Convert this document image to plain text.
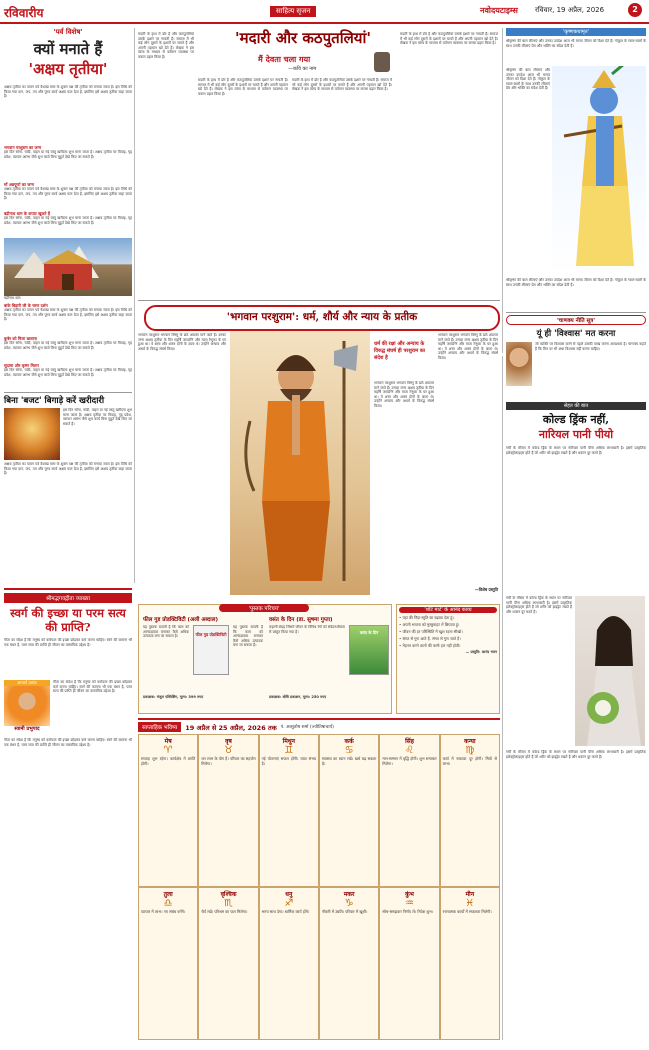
रविवारीय	साहित्य सृजन	नवोदयटाइम्स रविवार, 19 अप्रैल, 2026	2
'पर्व विशेष'
क्यों मनाते हैं
'अक्षय तृतीया'
अक्षय तृतीया का पावन पर्व वैशाख मास के शुक्ल पक्ष की तृतीया को मनाया जाता है। इस तिथि को किया गया दान, जप, तप और पुण्य कार्य अक्षय फल देता है, इसलिए इसे अक्षय तृतीया कहा जाता है।
भगवान परशुराम का जन्म
इस दिन सोना, चांदी, वाहन या नई वस्तु खरीदना शुभ माना जाता है। अक्षय तृतीया पर विवाह, गृह प्रवेश, व्यापार आरंभ जैसे शुभ कार्य बिना मुहूर्त देखे किए जा सकते हैं।
माँ अन्नपूर्णा का जन्म
अक्षय तृतीया का पावन पर्व वैशाख मास के शुक्ल पक्ष की तृतीया को मनाया जाता है। इस तिथि को किया गया दान, जप, तप और पुण्य कार्य अक्षय फल देता है, इसलिए इसे अक्षय तृतीया कहा जाता है।
बद्रीनाथ धाम के कपाट खुलते हैं
इस दिन सोना, चांदी, वाहन या नई वस्तु खरीदना शुभ माना जाता है। अक्षय तृतीया पर विवाह, गृह प्रवेश, व्यापार आरंभ जैसे शुभ कार्य बिना मुहूर्त देखे किए जा सकते हैं।
बद्रीनाथ धाम
बांके बिहारी जी के चरण दर्शन
अक्षय तृतीया का पावन पर्व वैशाख मास के शुक्ल पक्ष की तृतीया को मनाया जाता है। इस तिथि को किया गया दान, जप, तप और पुण्य कार्य अक्षय फल देता है, इसलिए इसे अक्षय तृतीया कहा जाता है।
कुबेर को मिला खजाना
इस दिन सोना, चांदी, वाहन या नई वस्तु खरीदना शुभ माना जाता है। अक्षय तृतीया पर विवाह, गृह प्रवेश, व्यापार आरंभ जैसे शुभ कार्य बिना मुहूर्त देखे किए जा सकते हैं।
सुदामा और कृष्ण मिलन
इस दिन सोना, चांदी, वाहन या नई वस्तु खरीदना शुभ माना जाता है। अक्षय तृतीया पर विवाह, गृह प्रवेश, व्यापार आरंभ जैसे शुभ कार्य बिना मुहूर्त देखे किए जा सकते हैं।
बिना 'बजट' बिगाड़े करें खरीदारी
इस दिन सोना, चांदी, वाहन या नई वस्तु खरीदना शुभ माना जाता है। अक्षय तृतीया पर विवाह, गृह प्रवेश, व्यापार आरंभ जैसे शुभ कार्य बिना मुहूर्त देखे किए जा सकते हैं।
अक्षय तृतीया का पावन पर्व वैशाख मास के शुक्ल पक्ष की तृतीया को मनाया जाता है। इस तिथि को किया गया दान, जप, तप और पुण्य कार्य अक्षय फल देता है, इसलिए इसे अक्षय तृतीया कहा जाता है।
श्रीमद्भगवद्गीता व्याख्या
स्वर्ग की इच्छा या परम सत्य की प्राप्ति?
गीता का संदेश है कि मनुष्य को कर्मफल की इच्छा छोड़कर कर्म करना चाहिए। स्वर्ग की कामना भी एक बंधन है, परम सत्य की प्राप्ति ही जीवन का वास्तविक उद्देश्य है।
आचार्य प्रशांत
स्वामी प्रभुपाद
गीता का संदेश है कि मनुष्य को कर्मफल की इच्छा छोड़कर कर्म करना चाहिए। स्वर्ग की कामना भी एक बंधन है, परम सत्य की प्राप्ति ही जीवन का वास्तविक उद्देश्य है।
गीता का संदेश है कि मनुष्य को कर्मफल की इच्छा छोड़कर कर्म करना चाहिए। स्वर्ग की कामना भी एक बंधन है, परम सत्य की प्राप्ति ही जीवन का वास्तविक उद्देश्य है।
'मदारी और कठपुतलियां'
मैं देवता चला गया
—कवि का नाम
मदारी के हाथ में डोर है और कठपुतलियां उसके इशारे पर नाचती हैं। समाज में भी कई लोग दूसरों के इशारों पर चलते हैं और अपनी पहचान खो देते हैं। लेखक ने इस व्यंग्य के माध्यम से वर्तमान व्यवस्था पर करारा प्रहार किया है।
मदारी के हाथ में डोर है और कठपुतलियां उसके इशारे पर नाचती हैं। समाज में भी कई लोग दूसरों के इशारों पर चलते हैं और अपनी पहचान खो देते हैं। लेखक ने इस व्यंग्य के माध्यम से वर्तमान व्यवस्था पर करारा प्रहार किया है।
मदारी के हाथ में डोर है और कठपुतलियां उसके इशारे पर नाचती हैं। समाज में भी कई लोग दूसरों के इशारों पर चलते हैं और अपनी पहचान खो देते हैं। लेखक ने इस व्यंग्य के माध्यम से वर्तमान व्यवस्था पर करारा प्रहार किया है।
मदारी के हाथ में डोर है और कठपुतलियां उसके इशारे पर नाचती हैं। समाज में भी कई लोग दूसरों के इशारों पर चलते हैं और अपनी पहचान खो देते हैं। लेखक ने इस व्यंग्य के माध्यम से वर्तमान व्यवस्था पर करारा प्रहार किया है।
'भगवान परशुराम': धर्म, शौर्य और न्याय के प्रतीक
भगवान परशुराम भगवान विष्णु के छठे अवतार माने जाते हैं। उनका जन्म अक्षय तृतीया के दिन महर्षि जमदग्नि और माता रेणुका के घर हुआ था। वे शस्त्र और शास्त्र दोनों के ज्ञाता थे। उन्होंने अन्याय और अधर्म के विरुद्ध संघर्ष किया।
धर्म की रक्षा और अन्याय के विरुद्ध संघर्ष ही परशुराम का संदेश है
भगवान परशुराम भगवान विष्णु के छठे अवतार माने जाते हैं। उनका जन्म अक्षय तृतीया के दिन महर्षि जमदग्नि और माता रेणुका के घर हुआ था। वे शस्त्र और शास्त्र दोनों के ज्ञाता थे। उन्होंने अन्याय और अधर्म के विरुद्ध संघर्ष किया।
भगवान परशुराम भगवान विष्णु के छठे अवतार माने जाते हैं। उनका जन्म अक्षय तृतीया के दिन महर्षि जमदग्नि और माता रेणुका के घर हुआ था। वे शस्त्र और शास्त्र दोनों के ज्ञाता थे। उन्होंने अन्याय और अधर्म के विरुद्ध संघर्ष किया।
—विशेष प्रस्तुति
'कृष्णकथामृत'
श्रीकृष्ण की बाल लीलाएं और उनका उपदेश आज भी मानव जीवन को दिशा देते हैं। गोकुल के ग्वाल-बालों के साथ उनकी लीलाएं प्रेम और भक्ति का संदेश देती हैं।
श्रीकृष्ण की बाल लीलाएं और उनका उपदेश आज भी मानव जीवन को दिशा देते हैं। गोकुल के ग्वाल-बालों के साथ उनकी लीलाएं प्रेम और भक्ति का संदेश देती हैं।
श्रीकृष्ण की बाल लीलाएं और उनका उपदेश आज भी मानव जीवन को दिशा देते हैं। गोकुल के ग्वाल-बालों के साथ उनकी लीलाएं प्रेम और भक्ति का संदेश देती हैं।
'चाणक्य नीति सूत्र'
यूं ही 'विश्वास' मत करना
जो व्यक्ति पर विश्वास करने से पहले उसकी परख करना आवश्यक है। चाणक्य कहते हैं कि मित्र पर भी अंधा विश्वास नहीं करना चाहिए।
सेहत की बात
कोल्ड ड्रिंक नहीं,
नारियल पानी पीयो
गर्मी के मौसम में कोल्ड ड्रिंक के स्थान पर नारियल पानी पीना अधिक लाभकारी है। इसमें प्राकृतिक इलेक्ट्रोलाइट्स होते हैं जो शरीर को हाइड्रेट रखते हैं और थकान दूर करते हैं।
गर्मी के मौसम में कोल्ड ड्रिंक के स्थान पर नारियल पानी पीना अधिक लाभकारी है। इसमें प्राकृतिक इलेक्ट्रोलाइट्स होते हैं जो शरीर को हाइड्रेट रखते हैं और थकान दूर करते हैं।
गर्मी के मौसम में कोल्ड ड्रिंक के स्थान पर नारियल पानी पीना अधिक लाभकारी है। इसमें प्राकृतिक इलेक्ट्रोलाइट्स होते हैं जो शरीर को हाइड्रेट रखते हैं और थकान दूर करते हैं।
'पुस्तक परिचय'
फील गुड प्रोडक्टिविटी (अली अब्दाल)
यह पुस्तक बताती है कि काम को आनंददायक बनाकर कैसे अधिक उत्पादक बना जा सकता है।	फील गुड प्रोडक्टिविटी
यह पुस्तक बताती है कि काम को आनंददायक बनाकर कैसे अधिक उत्पादक बना जा सकता है।
प्रकाशक: मंजुल पब्लिशिंग, मूल्य: 399 रुपए
वसंत के दिन (डा. सुषमा गुप्ता)
कहानी संग्रह जिसमें जीवन के विविध रंगों को संवेदनशीलता से प्रस्तुत किया गया है।	वसंत के दिन
प्रकाशक: बोधि प्रकाशन, मूल्य: 250 रुपए
'शॉर्ट मार्ट' के आनंद काव्य
• यहां की निंदा-स्तुति का बढ़ावा देता हूं।
• अपनी भावना को मुस्कुराहट में छिपाता हूं।
• जीवन की हर परिस्थिति में खुश रहना सीखो।
• संगत से गुण आते हैं, संगत से गुण जाते हैं।
• मेहनत करने वालों की कभी हार नहीं होती।
— प्रस्तुति: आनंद भवन
साप्ताहिक भविष्य	19 अप्रैल से 25 अप्रैल, 2026 तक पं. आशुतोष शर्मा (ज्योतिषाचार्य)
मेष
♈
सप्ताह शुभ रहेगा। कार्यक्षेत्र में प्रगति होगी।
वृष
♉
धन लाभ के योग हैं। परिवार का सहयोग मिलेगा।
मिथुन
♊
नई योजनाएं सफल होंगी। यात्रा संभव है।
कर्क
♋
स्वास्थ्य का ध्यान रखें। खर्च बढ़ सकता है।
सिंह
♌
मान-सम्मान में वृद्धि होगी। शुभ समाचार मिलेगा।
कन्या
♍
कार्य में रुकावट दूर होगी। मित्रों से लाभ।
तुला
♎
व्यापार में लाभ। नए संबंध बनेंगे।
वृश्चिक
♏
धैर्य रखें। परिश्रम का फल मिलेगा।
धनु
♐
भाग्य साथ देगा। धार्मिक कार्य होंगे।
मकर
♑
नौकरी में उन्नति। परिवार में खुशी।
कुंभ
♒
सोच-समझकर निर्णय लें। निवेश शुभ।
मीन
♓
रचनात्मक कार्यों में सफलता मिलेगी।
